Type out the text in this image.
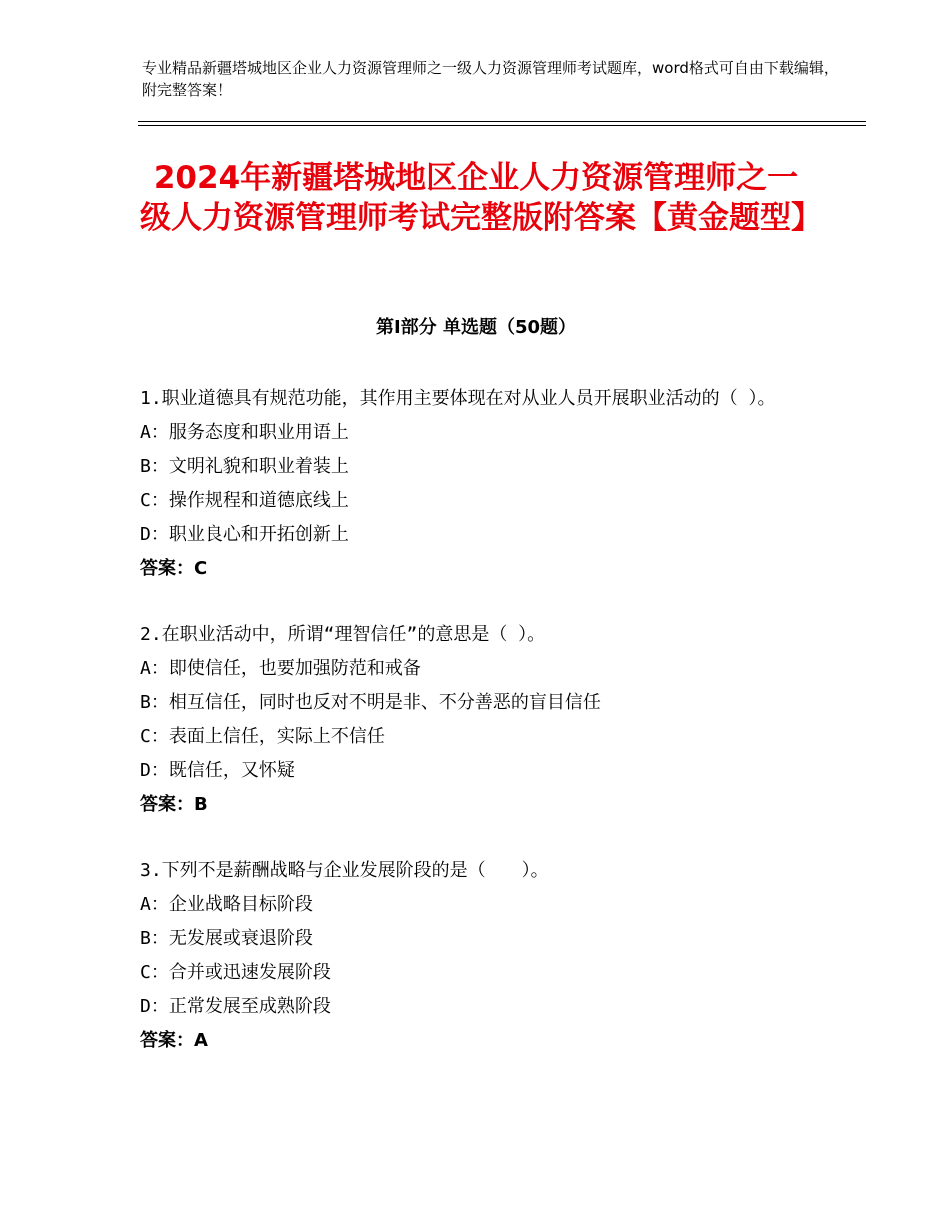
专业精品新疆塔城地区企业人力资源管理师之一级人力资源管理师考试题库，word格式可自由下载编辑，附完整答案！
2024年新疆塔城地区企业人力资源管理师之一级人力资源管理师考试完整版附答案【黄金题型】
第Ⅰ部分 单选题（50题）

1.职业道德具有规范功能，其作用主要体现在对从业人员开展职业活动的（ ）。

A：服务态度和职业用语上

B：文明礼貌和职业着装上

C：操作规程和道德底线上

D：职业良心和开拓创新上

答案：C

2.在职业活动中，所谓“理智信任”的意思是（ ）。

A：即使信任，也要加强防范和戒备

B：相互信任，同时也反对不明是非、不分善恶的盲目信任

C：表面上信任，实际上不信任

D：既信任，又怀疑

答案：B

3.下列不是薪酬战略与企业发展阶段的是（　　）。

A：企业战略目标阶段

B：无发展或衰退阶段

C：合并或迅速发展阶段

D：正常发展至成熟阶段

答案：A
